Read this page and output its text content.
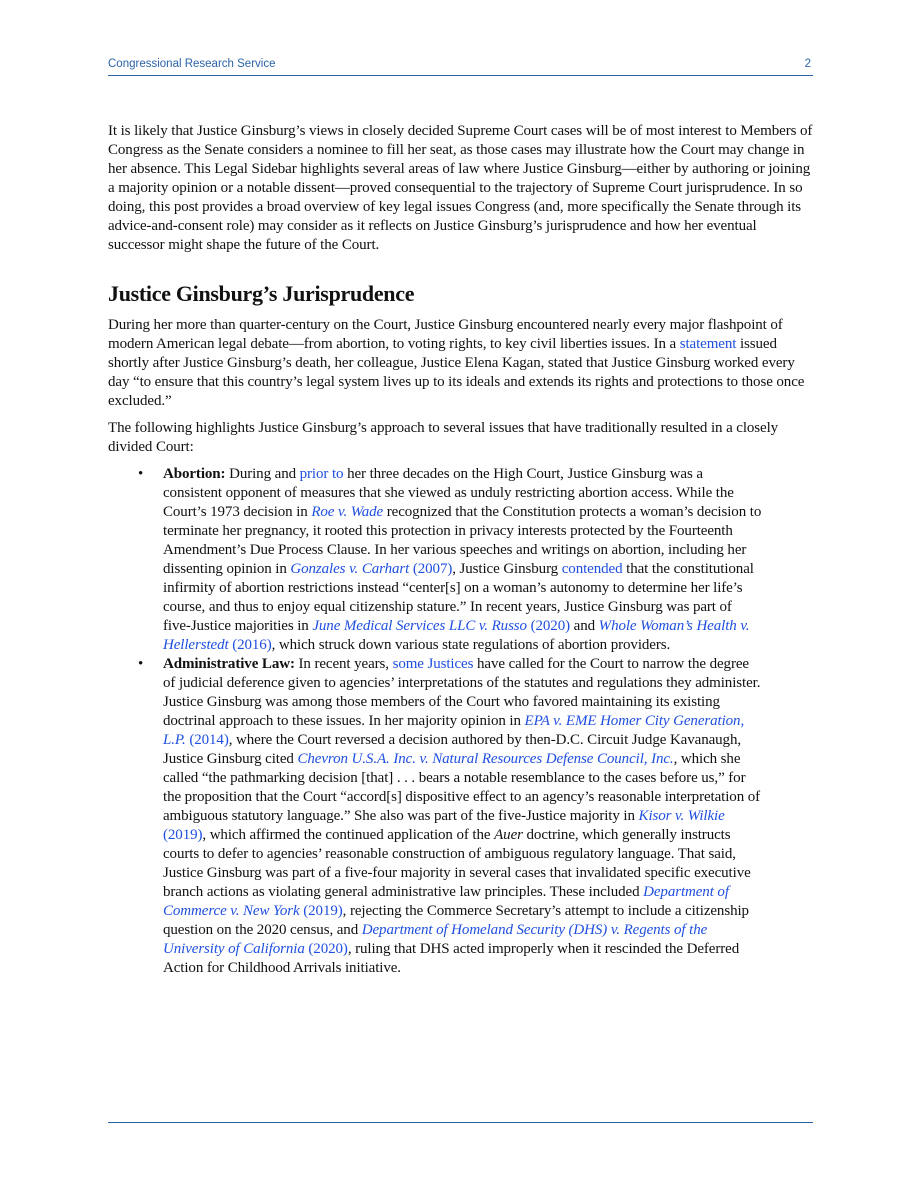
Congressional Research Service	2

It is likely that Justice Ginsburg’s views in closely decided Supreme Court cases will be of most interest to Members of Congress as the Senate considers a nominee to fill her seat, as those cases may illustrate how the Court may change in her absence. This Legal Sidebar highlights several areas of law where Justice Ginsburg—either by authoring or joining a majority opinion or a notable dissent—proved consequential to the trajectory of Supreme Court jurisprudence. In so doing, this post provides a broad overview of key legal issues Congress (and, more specifically the Senate through its advice-and-consent role) may consider as it reflects on Justice Ginsburg’s jurisprudence and how her eventual successor might shape the future of the Court.

Justice Ginsburg’s Jurisprudence

During her more than quarter-century on the Court, Justice Ginsburg encountered nearly every major flashpoint of modern American legal debate—from abortion, to voting rights, to key civil liberties issues. In a statement issued shortly after Justice Ginsburg’s death, her colleague, Justice Elena Kagan, stated that Justice Ginsburg worked every day “to ensure that this country’s legal system lives up to its ideals and extends its rights and protections to those once excluded.”

The following highlights Justice Ginsburg’s approach to several issues that have traditionally resulted in a closely divided Court:

• Abortion: During and prior to her three decades on the High Court, Justice Ginsburg was a consistent opponent of measures that she viewed as unduly restricting abortion access. While the Court’s 1973 decision in Roe v. Wade recognized that the Constitution protects a woman’s decision to terminate her pregnancy, it rooted this protection in privacy interests protected by the Fourteenth Amendment’s Due Process Clause. In her various speeches and writings on abortion, including her dissenting opinion in Gonzales v. Carhart (2007), Justice Ginsburg contended that the constitutional infirmity of abortion restrictions instead “center[s] on a woman’s autonomy to determine her life’s course, and thus to enjoy equal citizenship stature.” In recent years, Justice Ginsburg was part of five-Justice majorities in June Medical Services LLC v. Russo (2020) and Whole Woman’s Health v. Hellerstedt (2016), which struck down various state regulations of abortion providers.
• Administrative Law: In recent years, some Justices have called for the Court to narrow the degree of judicial deference given to agencies’ interpretations of the statutes and regulations they administer. Justice Ginsburg was among those members of the Court who favored maintaining its existing doctrinal approach to these issues. In her majority opinion in EPA v. EME Homer City Generation, L.P. (2014), where the Court reversed a decision authored by then-D.C. Circuit Judge Kavanaugh, Justice Ginsburg cited Chevron U.S.A. Inc. v. Natural Resources Defense Council, Inc., which she called “the pathmarking decision [that] . . . bears a notable resemblance to the cases before us,” for the proposition that the Court “accord[s] dispositive effect to an agency’s reasonable interpretation of ambiguous statutory language.” She also was part of the five-Justice majority in Kisor v. Wilkie (2019), which affirmed the continued application of the Auer doctrine, which generally instructs courts to defer to agencies’ reasonable construction of ambiguous regulatory language. That said, Justice Ginsburg was part of a five-four majority in several cases that invalidated specific executive branch actions as violating general administrative law principles. These included Department of Commerce v. New York (2019), rejecting the Commerce Secretary’s attempt to include a citizenship question on the 2020 census, and Department of Homeland Security (DHS) v. Regents of the University of California (2020), ruling that DHS acted improperly when it rescinded the Deferred Action for Childhood Arrivals initiative.
